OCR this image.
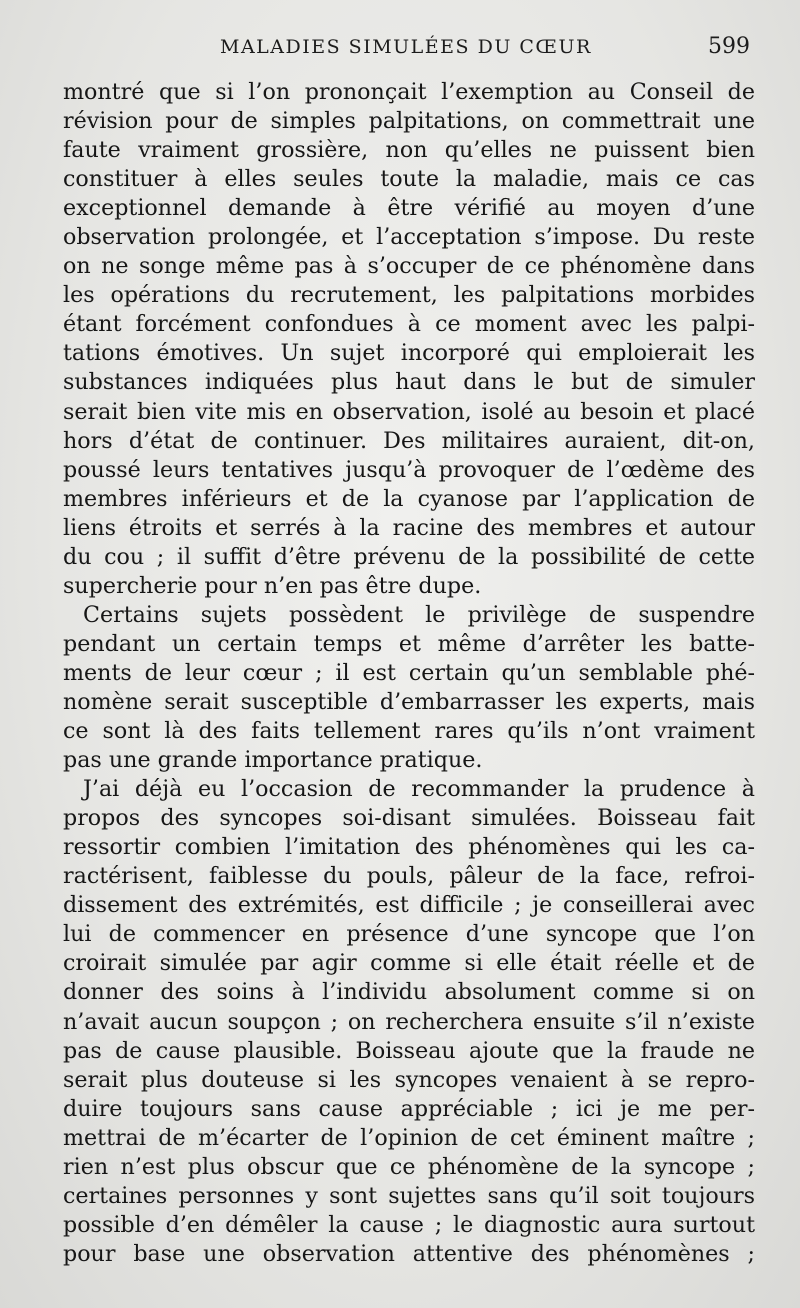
MALADIES SIMULÉES DU CŒUR	599
montré que si l’on prononçait l’exemption au Conseil de
révision pour de simples palpitations, on commettrait une
faute vraiment grossière, non qu’elles ne puissent bien
constituer à elles seules toute la maladie, mais ce cas
exceptionnel demande à être vérifié au moyen d’une
observation prolongée, et l’acceptation s’impose. Du reste
on ne songe même pas à s’occuper de ce phénomène dans
les opérations du recrutement, les palpitations morbides
étant forcément confondues à ce moment avec les palpi-
tations émotives. Un sujet incorporé qui emploierait les
substances indiquées plus haut dans le but de simuler
serait bien vite mis en observation, isolé au besoin et placé
hors d’état de continuer. Des militaires auraient, dit-on,
poussé leurs tentatives jusqu’à provoquer de l’œdème des
membres inférieurs et de la cyanose par l’application de
liens étroits et serrés à la racine des membres et autour
du cou ; il suffit d’être prévenu de la possibilité de cette
supercherie pour n’en pas être dupe.
Certains sujets possèdent le privilège de suspendre
pendant un certain temps et même d’arrêter les batte-
ments de leur cœur ; il est certain qu’un semblable phé-
nomène serait susceptible d’embarrasser les experts, mais
ce sont là des faits tellement rares qu’ils n’ont vraiment
pas une grande importance pratique.
J’ai déjà eu l’occasion de recommander la prudence à
propos des syncopes soi-disant simulées. Boisseau fait
ressortir combien l’imitation des phénomènes qui les ca-
ractérisent, faiblesse du pouls, pâleur de la face, refroi-
dissement des extrémités, est difficile ; je conseillerai avec
lui de commencer en présence d’une syncope que l’on
croirait simulée par agir comme si elle était réelle et de
donner des soins à l’individu absolument comme si on
n’avait aucun soupçon ; on recherchera ensuite s’il n’existe
pas de cause plausible. Boisseau ajoute que la fraude ne
serait plus douteuse si les syncopes venaient à se repro-
duire toujours sans cause appréciable ; ici je me per-
mettrai de m’écarter de l’opinion de cet éminent maître ;
rien n’est plus obscur que ce phénomène de la syncope ;
certaines personnes y sont sujettes sans qu’il soit toujours
possible d’en démêler la cause ; le diagnostic aura surtout
pour base une observation attentive des phénomènes ;
